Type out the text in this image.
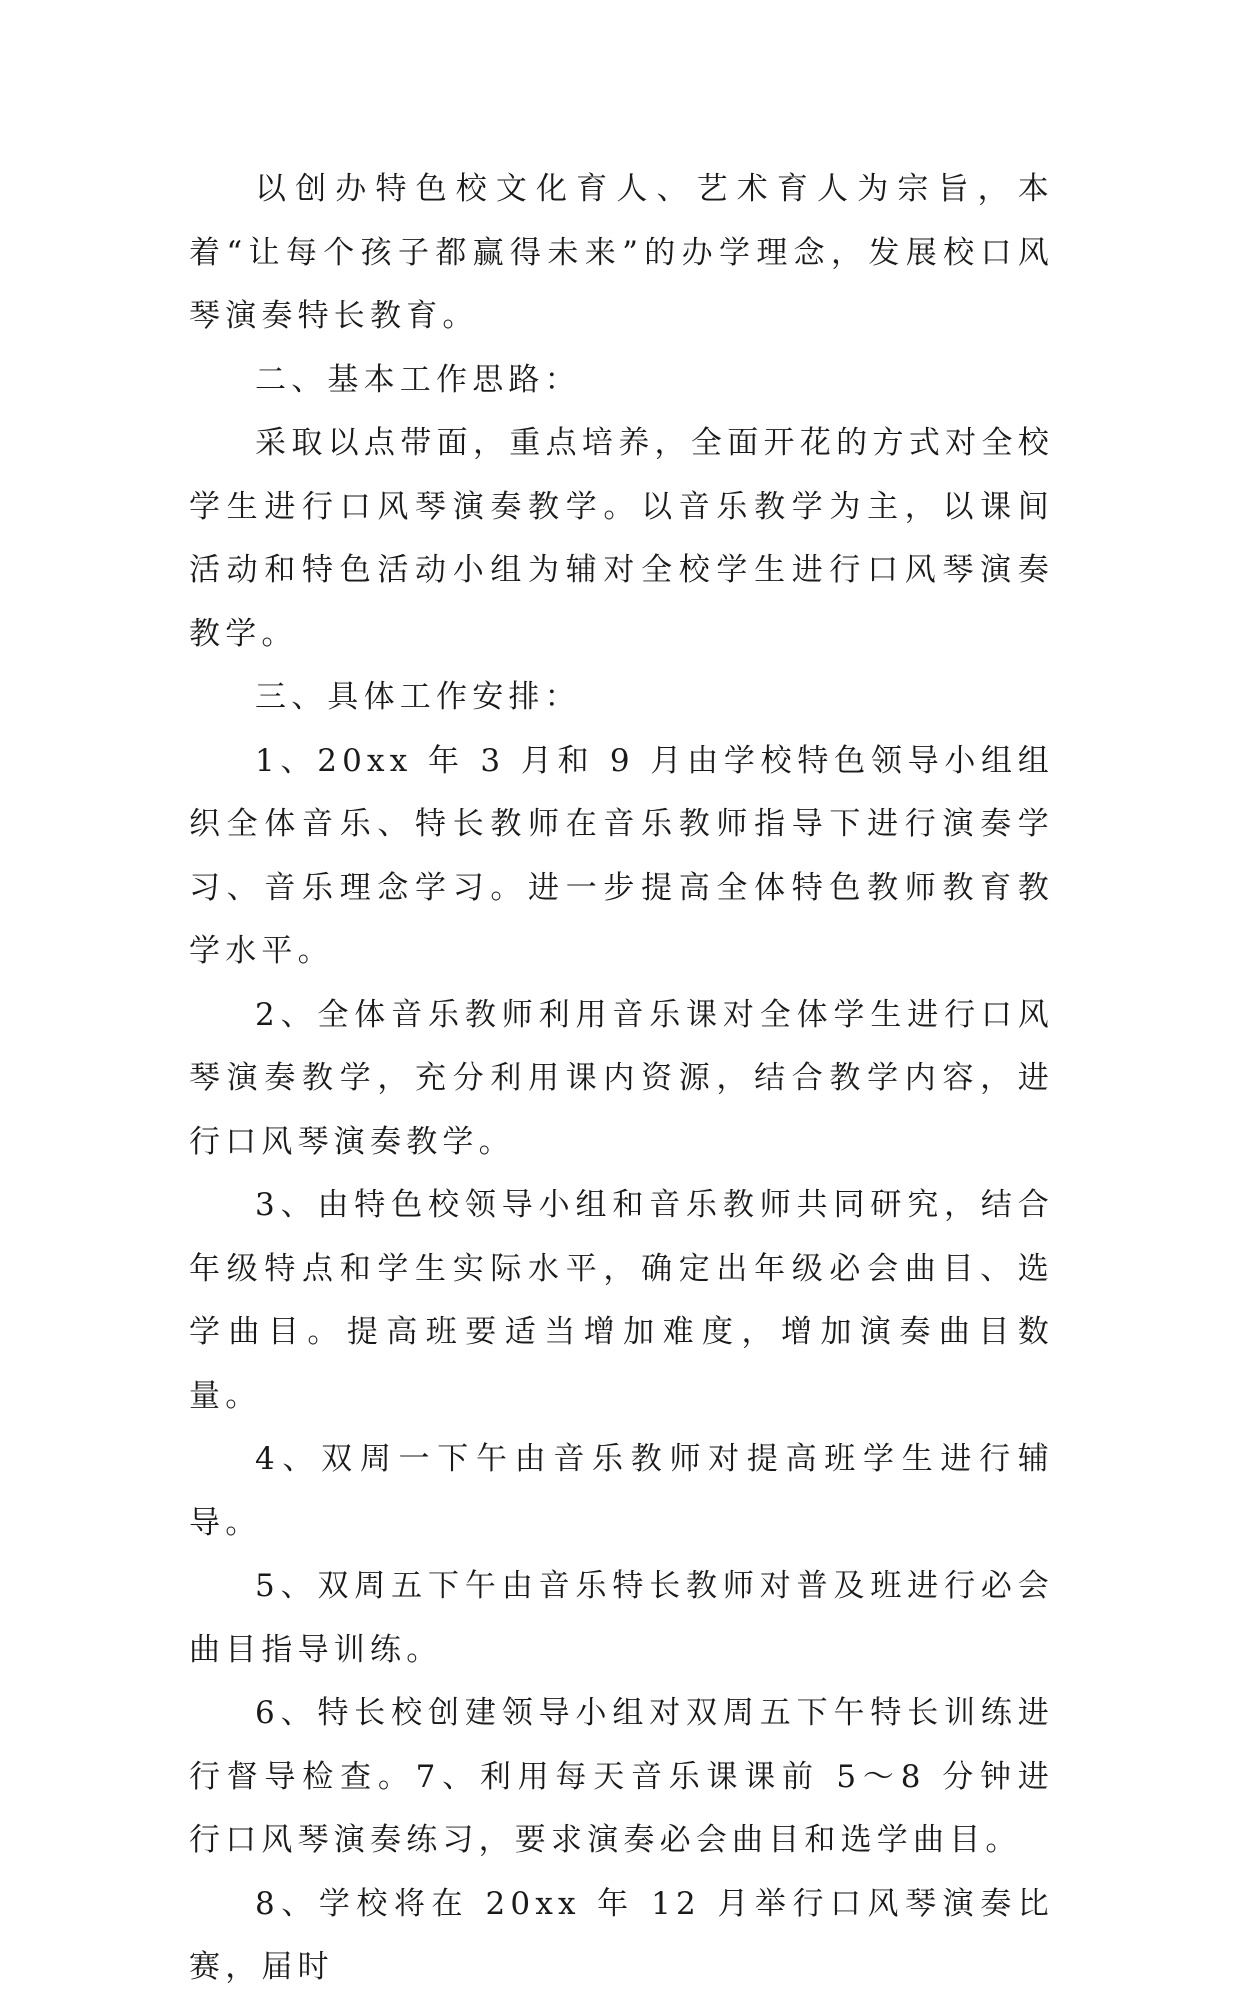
以创办特色校文化育人、艺术育人为宗旨，本着“让每个孩子都赢得未来”的办学理念，发展校口风琴演奏特长教育。

二、基本工作思路：

采取以点带面，重点培养，全面开花的方式对全校学生进行口风琴演奏教学。以音乐教学为主，以课间活动和特色活动小组为辅对全校学生进行口风琴演奏教学。

三、具体工作安排：

1、20xx 年 3 月和 9 月由学校特色领导小组组织全体音乐、特长教师在音乐教师指导下进行演奏学习、音乐理念学习。进一步提高全体特色教师教育教学水平。

2、全体音乐教师利用音乐课对全体学生进行口风琴演奏教学，充分利用课内资源，结合教学内容，进行口风琴演奏教学。

3、由特色校领导小组和音乐教师共同研究，结合年级特点和学生实际水平，确定出年级必会曲目、选学曲目。提高班要适当增加难度，增加演奏曲目数量。

4、双周一下午由音乐教师对提高班学生进行辅导。

5、双周五下午由音乐特长教师对普及班进行必会曲目指导训练。

6、特长校创建领导小组对双周五下午特长训练进行督导检查。7、利用每天音乐课课前 5～8 分钟进行口风琴演奏练习，要求演奏必会曲目和选学曲目。

8、学校将在 20xx 年 12 月举行口风琴演奏比赛，届时
